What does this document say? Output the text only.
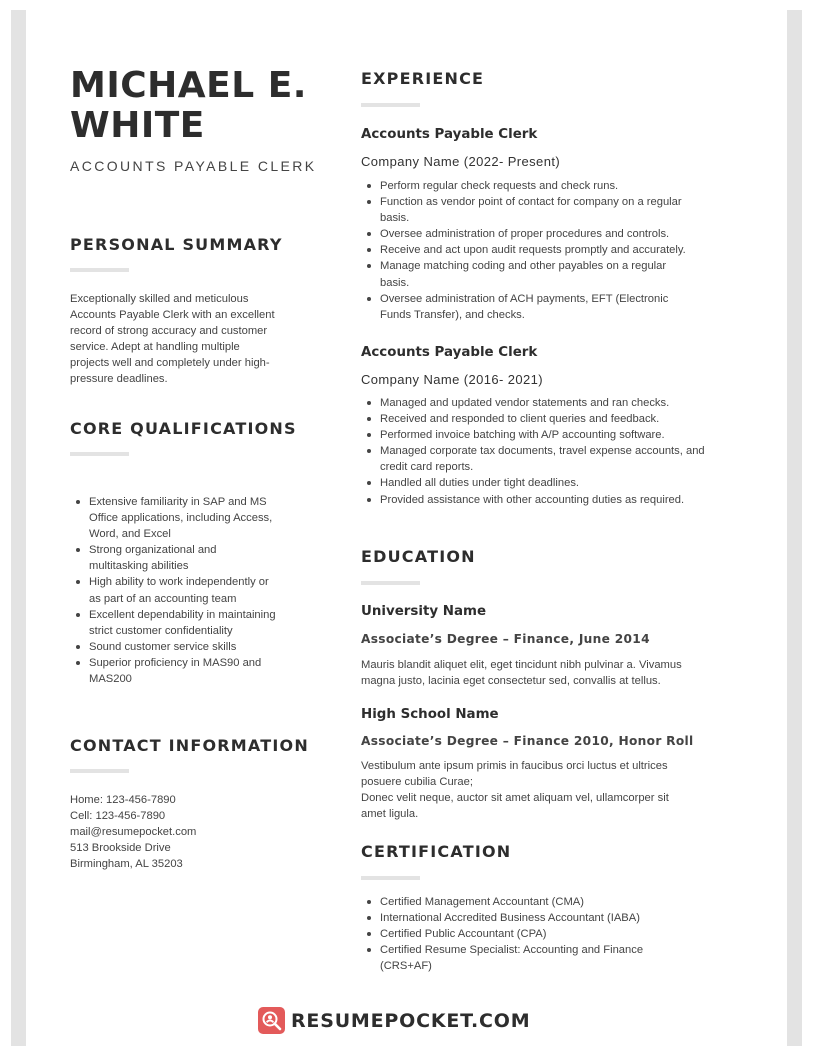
MICHAEL E.
WHITE
ACCOUNTS PAYABLE CLERK
PERSONAL SUMMARY
Exceptionally skilled and meticulous
Accounts Payable Clerk with an excellent
record of strong accuracy and customer
service. Adept at handling multiple
projects well and completely under high-
pressure deadlines.
CORE QUALIFICATIONS
Extensive familiarity in SAP and MS
Office applications, including Access,
Word, and Excel
Strong organizational and
multitasking abilities
High ability to work independently or
as part of an accounting team
Excellent dependability in maintaining
strict customer confidentiality
Sound customer service skills
Superior proficiency in MAS90 and
MAS200
CONTACT INFORMATION
Home: 123-456-7890
Cell: 123-456-7890
mail@resumepocket.com
513 Brookside Drive
Birmingham, AL 35203
EXPERIENCE
Accounts Payable Clerk
Company Name (2022- Present)
Perform regular check requests and check runs.
Function as vendor point of contact for company on a regular
basis.
Oversee administration of proper procedures and controls.
Receive and act upon audit requests promptly and accurately.
Manage matching coding and other payables on a regular
basis.
Oversee administration of ACH payments, EFT (Electronic
Funds Transfer), and checks.
Accounts Payable Clerk
Company Name (2016- 2021)
Managed and updated vendor statements and ran checks.
Received and responded to client queries and feedback.
Performed invoice batching with A/P accounting software.
Managed corporate tax documents, travel expense accounts, and
credit card reports.
Handled all duties under tight deadlines.
Provided assistance with other accounting duties as required.
EDUCATION
University Name
Associate’s Degree – Finance, June 2014
Mauris blandit aliquet elit, eget tincidunt nibh pulvinar a. Vivamus
magna justo, lacinia eget consectetur sed, convallis at tellus.
High School Name
Associate’s Degree – Finance 2010, Honor Roll
Vestibulum ante ipsum primis in faucibus orci luctus et ultrices
posuere cubilia Curae;
Donec velit neque, auctor sit amet aliquam vel, ullamcorper sit
amet ligula.
CERTIFICATION
Certified Management Accountant (CMA)
International Accredited Business Accountant (IABA)
Certified Public Accountant (CPA)
Certified Resume Specialist: Accounting and Finance
(CRS+AF)
RESUMEPOCKET.COM
